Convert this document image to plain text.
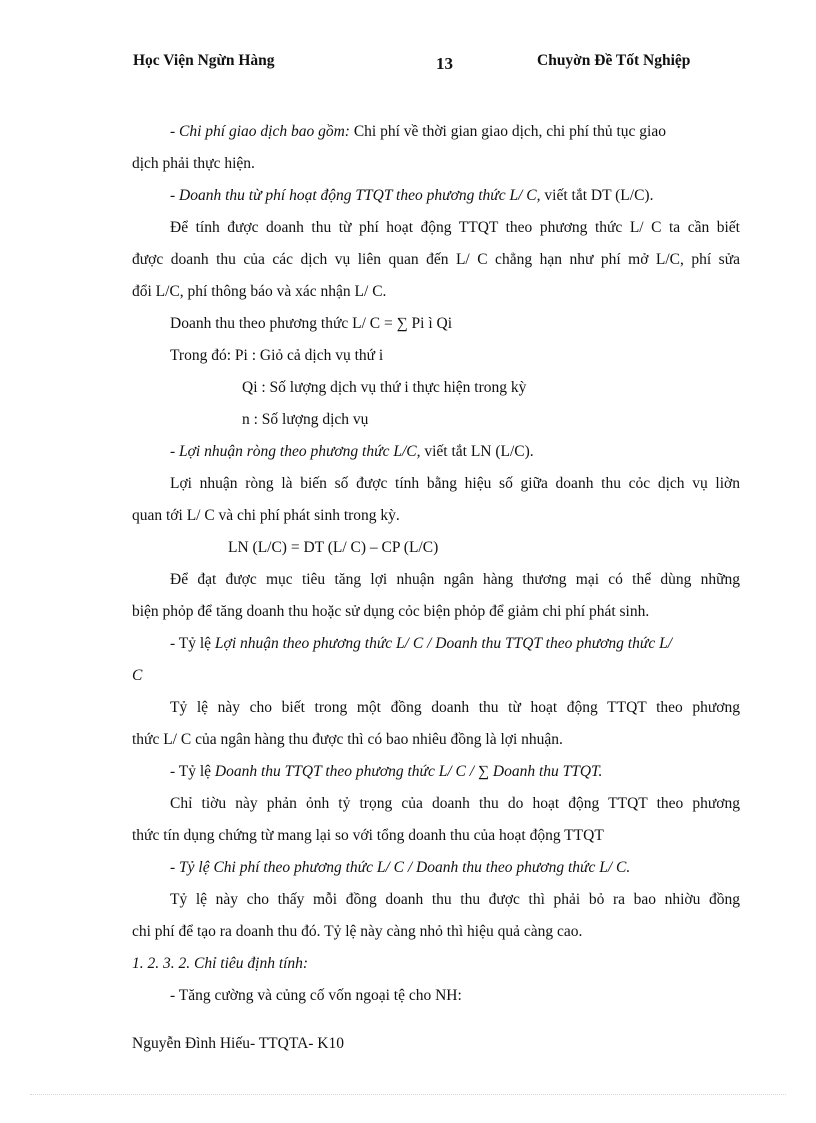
Học Viện Ngừn Hàng	13	Chuyờn Đề Tốt Nghiệp
- Chi phí giao dịch bao gồm: Chi phí về thời gian giao dịch, chi phí thủ tục giao
dịch phải thực hiện.
- Doanh thu từ phí hoạt động TTQT theo phương thức L/ C, viết tắt DT (L/C).
Để tính được doanh thu từ phí hoạt động TTQT theo phương thức L/ C ta cần biết
được doanh thu của các dịch vụ liên quan đến L/ C chẳng hạn như phí mở L/C, phí sửa
đổi L/C, phí thông báo và xác nhận L/ C.
Doanh thu theo phương thức L/ C = ∑ Pi ì Qi
Trong đó: Pi : Giỏ cả dịch vụ thứ i
Qi : Số lượng dịch vụ thứ i thực hiện trong kỳ
n : Số lượng dịch vụ
- Lợi nhuận ròng theo phương thức L/C, viết tắt LN (L/C).
Lợi nhuận ròng là biến số được tính bằng hiệu số giữa doanh thu cỏc dịch vụ liờn
quan tới L/ C và chi phí phát sinh trong kỳ.
LN (L/C) = DT (L/ C) – CP (L/C)
Để đạt được mục tiêu tăng lợi nhuận ngân hàng thương mại có thể dùng những
biện phỏp để tăng doanh thu hoặc sử dụng cỏc biện phỏp để giảm chi phí phát sinh.
- Tỷ lệ Lợi nhuận theo phương thức L/ C / Doanh thu TTQT theo phương thức L/
C
Tỷ lệ này cho biết trong một đồng doanh thu từ hoạt động TTQT theo phương
thức L/ C của ngân hàng thu được thì có bao nhiêu đồng là lợi nhuận.
- Tỷ lệ Doanh thu TTQT theo phương thức L/ C / ∑ Doanh thu TTQT.
Chỉ tiờu này phản ỏnh tỷ trọng của doanh thu do hoạt động TTQT theo phương
thức tín dụng chứng từ mang lại so với tổng doanh thu của hoạt động TTQT
- Tỷ lệ Chi phí theo phương thức L/ C / Doanh thu theo phương thức L/ C.
Tỷ lệ này cho thấy mỗi đồng doanh thu thu được thì phải bỏ ra bao nhiờu đồng
chi phí để tạo ra doanh thu đó. Tỷ lệ này càng nhỏ thì hiệu quả càng cao.
1. 2. 3. 2. Chỉ tiêu định tính:
- Tăng cường và củng cố vốn ngoại tệ cho NH:
Nguyễn Đình Hiếu- TTQTA- K10
